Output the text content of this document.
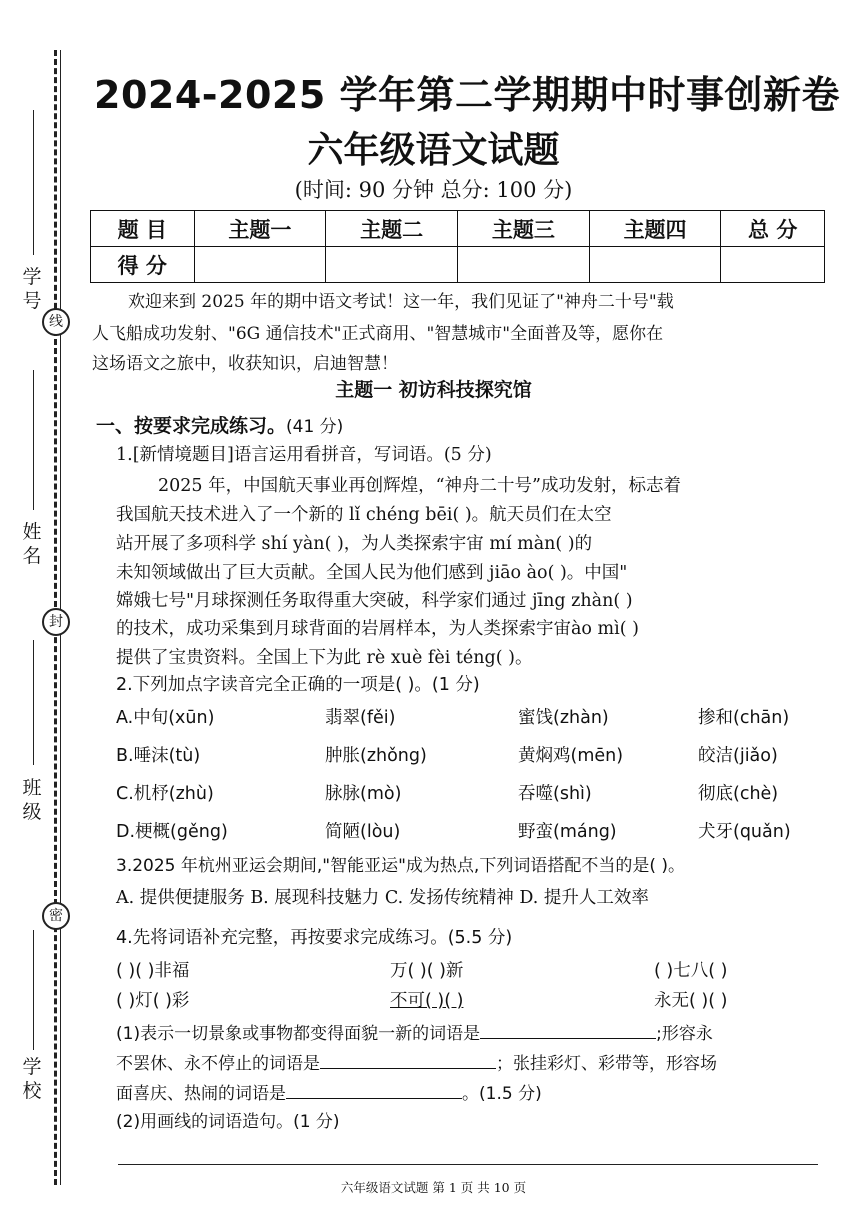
学 号
线
姓 名
封
班 级
密
学 校
2024-2025 学年第二学期期中时事创新卷
六年级语文试题
(时间: 90 分钟 总分: 100 分)
题 目	主题一	主题二	主题三	主题四	总 分
得 分					
欢迎来到 2025 年的期中语文考试！这一年，我们见证了"神舟二十号"载
人飞船成功发射、"6G 通信技术"正式商用、"智慧城市"全面普及等，愿你在
这场语文之旅中，收获知识，启迪智慧！
主题一 初访科技探究馆
一、按要求完成练习。(41 分)
1.[新情境题目]语言运用看拼音，写词语。(5 分)
2025 年，中国航天事业再创辉煌，“神舟二十号”成功发射，标志着
我国航天技术进入了一个新的 lǐ chéng bēi( )。航天员们在太空
站开展了多项科学 shí yàn( )，为人类探索宇宙 mí màn( )的
未知领域做出了巨大贡献。全国人民为他们感到 jiāo ào( )。中国"
嫦娥七号"月球探测任务取得重大突破，科学家们通过 jīng zhàn( )
的技术，成功采集到月球背面的岩屑样本，为人类探索宇宙ào mì( )
提供了宝贵资料。全国上下为此 rè xuè fèi téng( )。
2.下列加点字读音完全正确的一项是( )。(1 分)
A.中旬(xūn)	翡翠(fěi)	蜜饯(zhàn)	掺和(chān)
B.唾沫(tù)	肿胀(zhǒng)	黄焖鸡(mēn)	皎洁(jiǎo)
C.机杼(zhù)	脉脉(mò)	吞噬(shì)	彻底(chè)
D.梗概(gěng)	简陋(lòu)	野蛮(máng)	犬牙(quǎn)
3.2025 年杭州亚运会期间,"智能亚运"成为热点,下列词语搭配不当的是( )。
A. 提供便捷服务 B. 展现科技魅力 C. 发扬传统精神 D. 提升人工效率
4.先将词语补充完整，再按要求完成练习。(5.5 分)
( )( )非福	万( )( )新	( )七八( )
( )灯( )彩	不可( )( )	永无( )( )
(1)表示一切景象或事物都变得面貌一新的词语是	;形容永
不罢休、永不停止的词语是	；张挂彩灯、彩带等，形容场
面喜庆、热闹的词语是	。(1.5 分)
(2)用画线的词语造句。(1 分)
六年级语文试题 第 1 页 共 10 页
